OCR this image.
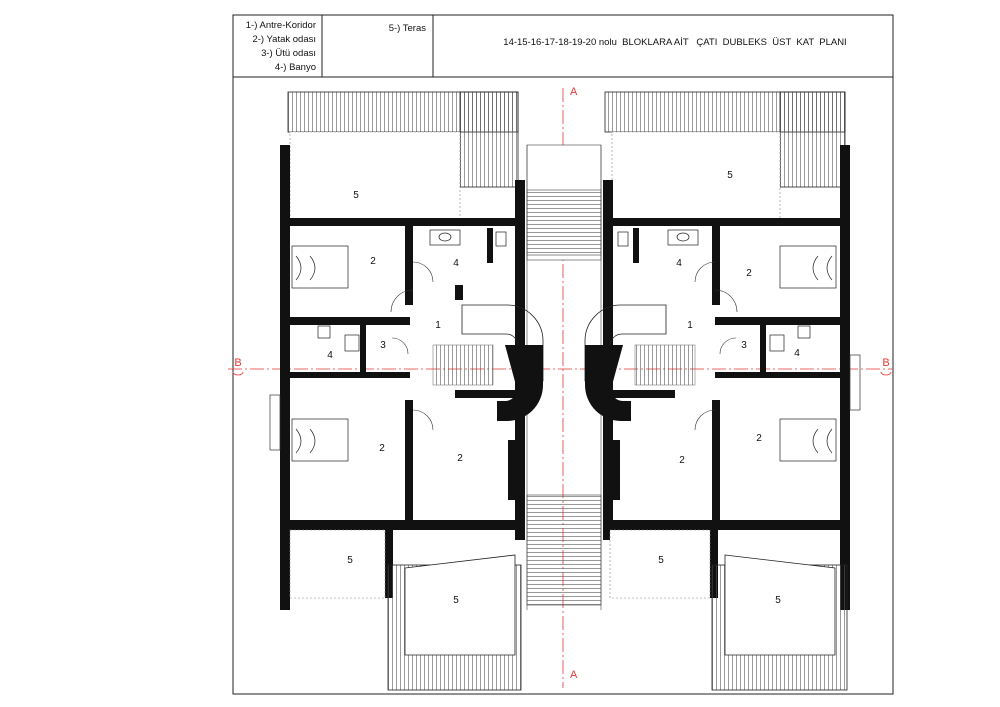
1-) Antre-Koridor
2-) Yatak odası
3-) Ütü odası
4-) Banyo
5-) Teras
14-15-16-17-18-19-20 nolu  BLOKLARA AİT   ÇATI  DUBLEKS  ÜST  KAT  PLANI
A
A
B	B
5
5
2	4	4
2
1	1
4
3	3
4
2
2	2
2
5
5
5
5
